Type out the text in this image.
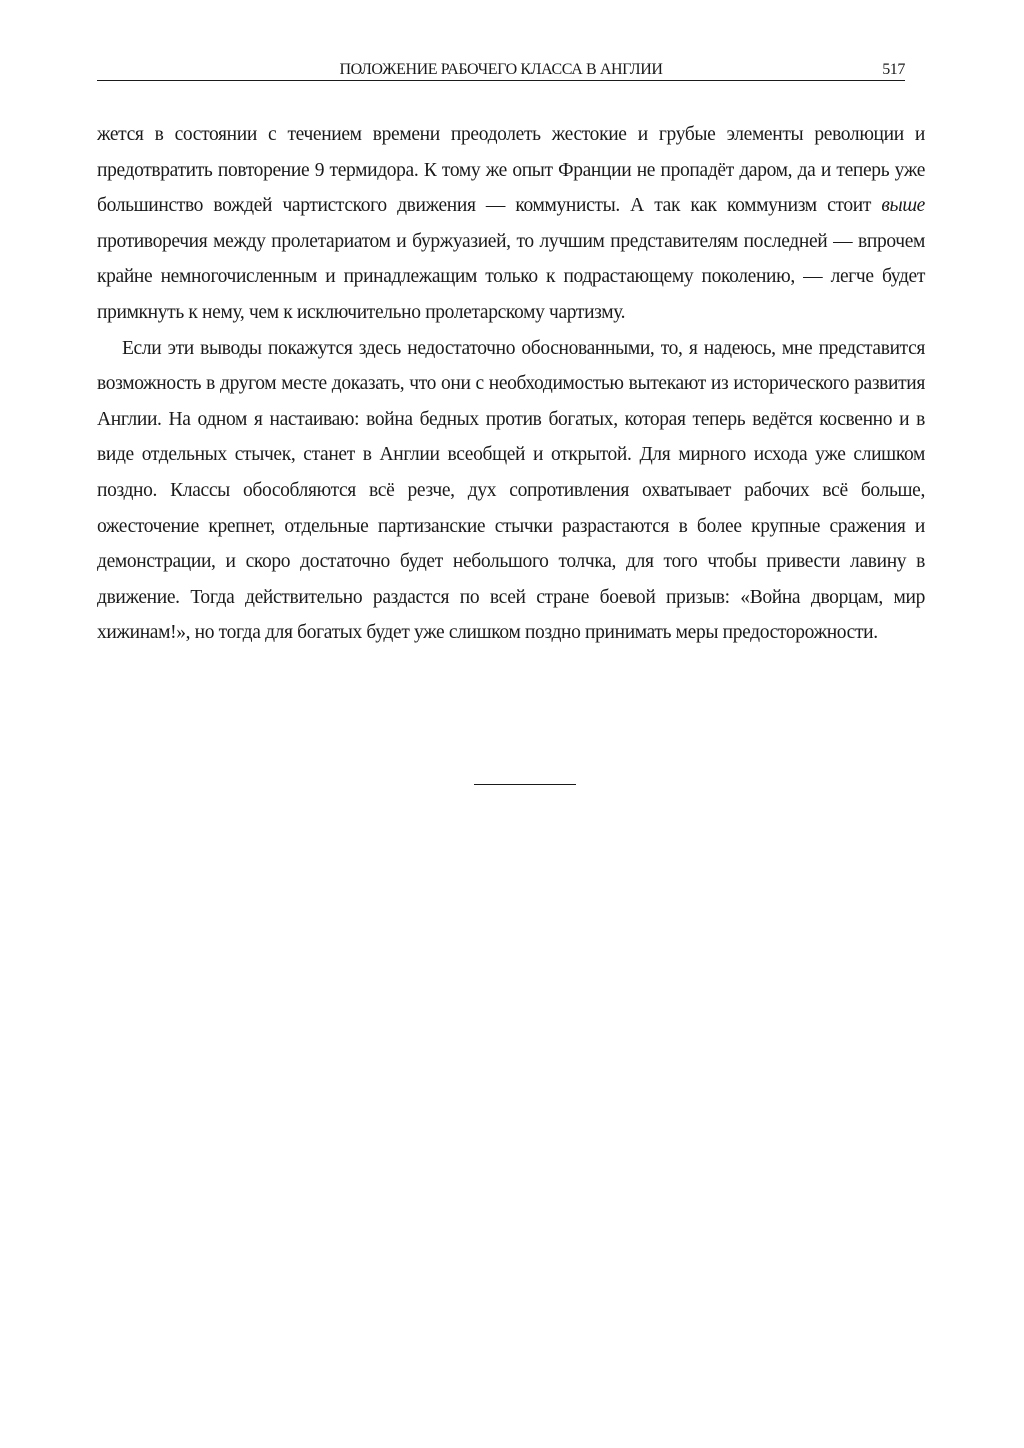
ПОЛОЖЕНИЕ РАБОЧЕГО КЛАССА В АНГЛИИ	517

жется в состоянии с течением времени преодолеть жестокие и грубые элементы революции и предотвратить повторение 9 термидора. К тому же опыт Франции не пропадёт даром, да и теперь уже большинство вождей чартистского движения — коммунисты. А так как коммунизм стоит выше противоречия между пролетариатом и буржуазией, то лучшим представителям последней — впрочем крайне немногочисленным и принадлежащим только к подрастающему поколению, — легче будет примкнуть к нему, чем к исключительно пролетарскому чартизму.

Если эти выводы покажутся здесь недостаточно обоснованными, то, я надеюсь, мне представится возможность в другом месте доказать, что они с необходимостью вытекают из исторического развития Англии. На одном я настаиваю: война бедных против богатых, которая теперь ведётся косвенно и в виде отдельных стычек, станет в Англии всеобщей и открытой. Для мирного исхода уже слишком поздно. Классы обособляются всё резче, дух сопротивления охватывает рабочих всё больше, ожесточение крепнет, отдельные партизанские стычки разрастаются в более крупные сражения и демонстрации, и скоро достаточно будет небольшого толчка, для того чтобы привести лавину в движение. Тогда действительно раздастся по всей стране боевой призыв: «Война дворцам, мир хижинам!», но тогда для богатых будет уже слишком поздно принимать меры предосторожности.
